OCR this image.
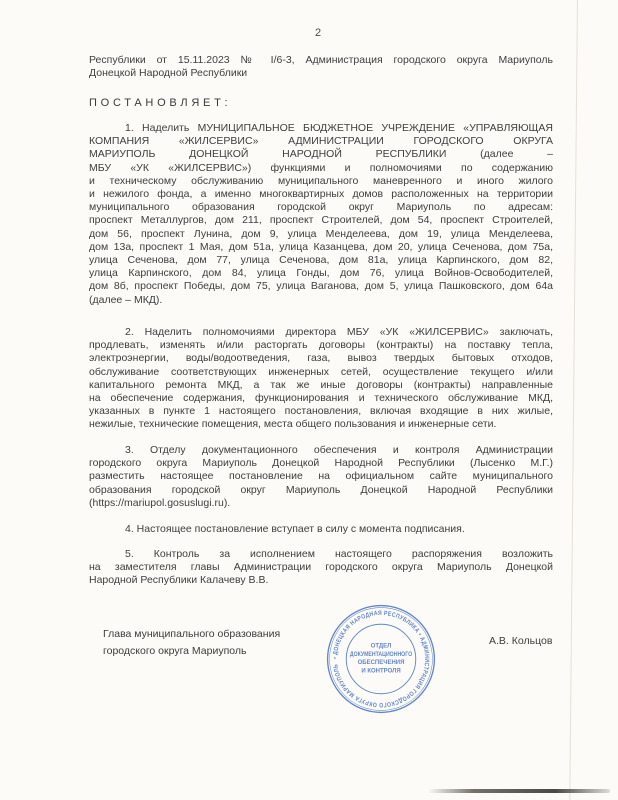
2
Республики от 15.11.2023 № I/6-3, Администрация городского округа Мариуполь
Донецкой Народной Республики
ПОСТАНОВЛЯЕТ:
1. Наделить МУНИЦИПАЛЬНОЕ БЮДЖЕТНОЕ УЧРЕЖДЕНИЕ «УПРАВЛЯЮЩАЯ
КОМПАНИЯ «ЖИЛСЕРВИС» АДМИНИСТРАЦИИ ГОРОДСКОГО ОКРУГА
МАРИУПОЛЬ ДОНЕЦКОЙ НАРОДНОЙ РЕСПУБЛИКИ (далее –
МБУ «УК «ЖИЛСЕРВИС») функциями и полномочиями по содержанию
и техническому обслуживанию муниципального маневренного и иного жилого
и нежилого фонда, а именно многоквартирных домов расположенных на территории
муниципального образования городской округ Мариуполь по адресам:
проспект Металлургов, дом 211, проспект Строителей, дом 54, проспект Строителей,
дом 56, проспект Лунина, дом 9, улица Менделеева, дом 19, улица Менделеева,
дом 13а, проспект 1 Мая, дом 51а, улица Казанцева, дом 20, улица Сеченова, дом 75а,
улица Сеченова, дом 77, улица Сеченова, дом 81а, улица Карпинского, дом 82,
улица Карпинского, дом 84, улица Гонды, дом 76, улица Войнов-Освободителей,
дом 8б, проспект Победы, дом 75, улица Ваганова, дом 5, улица Пашковского, дом 64а
(далее – МКД).
2. Наделить полномочиями директора МБУ «УК «ЖИЛСЕРВИС» заключать,
продлевать, изменять и/или расторгать договоры (контракты) на поставку тепла,
электроэнергии, воды/водоотведения, газа, вывоз твердых бытовых отходов,
обслуживание соответствующих инженерных сетей, осуществление текущего и/или
капитального ремонта МКД, а так же иные договоры (контракты) направленные
на обеспечение содержания, функционирования и технического обслуживание МКД,
указанных в пункте 1 настоящего постановления, включая входящие в них жилые,
нежилые, технические помещения, места общего пользования и инженерные сети.
3. Отделу документационного обеспечения и контроля Администрации
городского округа Мариуполь Донецкой Народной Республики (Лысенко М.Г.)
разместить настоящее постановление на официальном сайте муниципального
образования городской округ Мариуполь Донецкой Народной Республики
(https://mariupol.gosuslugi.ru).
4. Настоящее постановление вступает в силу с момента подписания.
5. Контроль за исполнением настоящего распоряжения возложить
на заместителя главы Администрации городского округа Мариуполь Донецкой
Народной Республики Калачеву В.В.
Глава муниципального образования
городского округа Мариуполь
А.В. Кольцов
• ДОНЕЦКАЯ НАРОДНАЯ РЕСПУБЛИКА • АДМИНИСТРАЦИЯ ГОРОДСКОГО ОКРУГА МАРИУПОЛЬ
ОТДЕЛ
ДОКУМЕНТАЦИОННОГО
ОБЕСПЕЧЕНИЯ
И КОНТРОЛЯ
